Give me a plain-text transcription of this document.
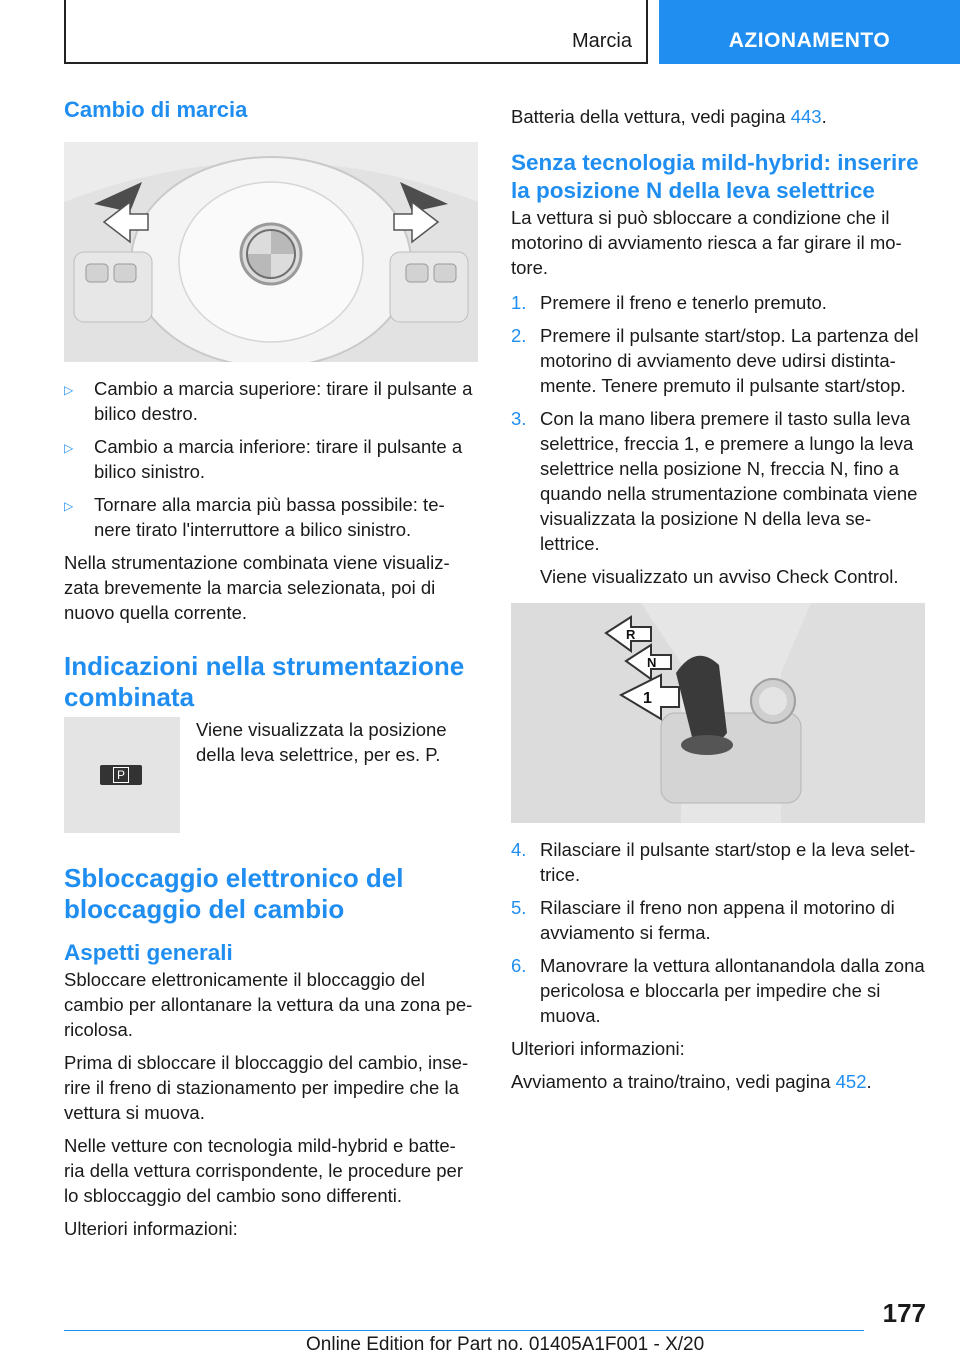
Marcia	AZIONAMENTO
Cambio di marcia
▷	Cambio a marcia superiore: tirare il pulsante a bilico destro.
▷	Cambio a marcia inferiore: tirare il pulsante a bilico sinistro.
▷	Tornare alla marcia più bassa possibile: te- nere tirato l'interruttore a bilico sinistro.

Nella strumentazione combinata viene visualiz- zata brevemente la marcia selezionata, poi di nuovo quella corrente.

Indicazioni nella strumentazione combinata
P

Viene visualizzata la posizione della leva selettrice, per es. P.

Sbloccaggio elettronico del bloccaggio del cambio
Aspetti generali

Sbloccare elettronicamente il bloccaggio del cambio per allontanare la vettura da una zona pe- ricolosa.

Prima di sbloccare il bloccaggio del cambio, inse- rire il freno di stazionamento per impedire che la vettura si muova.

Nelle vetture con tecnologia mild-hybrid e batte- ria della vettura corrispondente, le procedure per lo sbloccaggio del cambio sono differenti.

Ulteriori informazioni:

Batteria della vettura, vedi pagina 443.

Senza tecnologia mild-hybrid: inserire la posizione N della leva selettrice

La vettura si può sbloccare a condizione che il motorino di avviamento riesca a far girare il mo- tore.

1. Premere il freno e tenerlo premuto.
2. Premere il pulsante start/stop. La partenza del motorino di avviamento deve udirsi distinta- mente. Tenere premuto il pulsante start/stop.
3. Con la mano libera premere il tasto sulla leva selettrice, freccia 1, e premere a lungo la leva selettrice nella posizione N, freccia N, fino a quando nella strumentazione combinata viene visualizzata la posizione N della leva se- lettrice.

Viene visualizzato un avviso Check Control.

R
N
1
4. Rilasciare il pulsante start/stop e la leva selet- trice.
5. Rilasciare il freno non appena il motorino di avviamento si ferma.
6. Manovrare la vettura allontanandola dalla zona pericolosa e bloccarla per impedire che si muova.

Ulteriori informazioni:

Avviamento a traino/traino, vedi pagina 452.

177
Online Edition for Part no. 01405A1F001 - X/20
